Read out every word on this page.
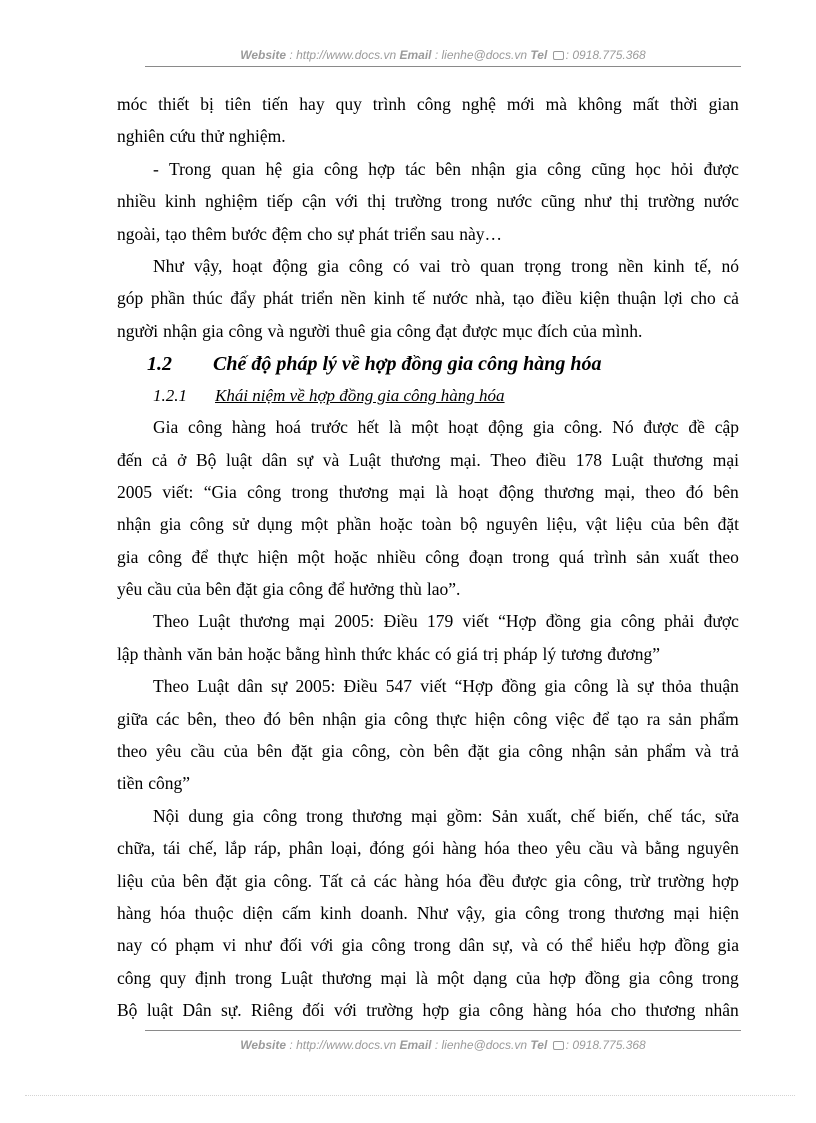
Website : http://www.docs.vn Email : lienhe@docs.vn Tel : 0918.775.368
móc thiết bị tiên tiến hay quy trình công nghệ mới mà không mất thời gian
nghiên cứu thử nghiệm.
- Trong quan hệ gia công hợp tác bên nhận gia công cũng học hỏi được
nhiều kinh nghiệm tiếp cận với thị trường trong nước cũng như thị trường nước
ngoài, tạo thêm bước đệm cho sự phát triển sau này…
Như vậy, hoạt động gia công có vai trò quan trọng trong nền kinh tế, nó
góp phần thúc đẩy phát triển nền kinh tế nước nhà, tạo điều kiện thuận lợi cho cả
người nhận gia công và người thuê gia công đạt được mục đích của mình.
1.2 Chế độ pháp lý về hợp đồng gia công hàng hóa
1.2.1 Khái niệm về hợp đồng gia công hàng hóa
Gia công hàng hoá trước hết là một hoạt động gia công. Nó được đề cập
đến cả ở Bộ luật dân sự và Luật thương mại. Theo điều 178 Luật thương mại
2005 viết: “Gia công trong thương mại là hoạt động thương mại, theo đó bên
nhận gia công sử dụng một phần hoặc toàn bộ nguyên liệu, vật liệu của bên đặt
gia công để thực hiện một hoặc nhiều công đoạn trong quá trình sản xuất theo
yêu cầu của bên đặt gia công để hưởng thù lao”.
Theo Luật thương mại 2005: Điều 179 viết “Hợp đồng gia công phải được
lập thành văn bản hoặc bằng hình thức khác có giá trị pháp lý tương đương”
Theo Luật dân sự 2005: Điều 547 viết “Hợp đồng gia công là sự thỏa thuận
giữa các bên, theo đó bên nhận gia công thực hiện công việc để tạo ra sản phẩm
theo yêu cầu của bên đặt gia công, còn bên đặt gia công nhận sản phẩm và trả
tiền công”
Nội dung gia công trong thương mại gồm: Sản xuất, chế biến, chế tác, sửa
chữa, tái chế, lắp ráp, phân loại, đóng gói hàng hóa theo yêu cầu và bằng nguyên
liệu của bên đặt gia công. Tất cả các hàng hóa đều được gia công, trừ trường hợp
hàng hóa thuộc diện cấm kinh doanh. Như vậy, gia công trong thương mại hiện
nay có phạm vi như đối với gia công trong dân sự, và có thể hiểu hợp đồng gia
công quy định trong Luật thương mại là một dạng của hợp đồng gia công trong
Bộ luật Dân sự. Riêng đối với trường hợp gia công hàng hóa cho thương nhân
Website : http://www.docs.vn Email : lienhe@docs.vn Tel : 0918.775.368
